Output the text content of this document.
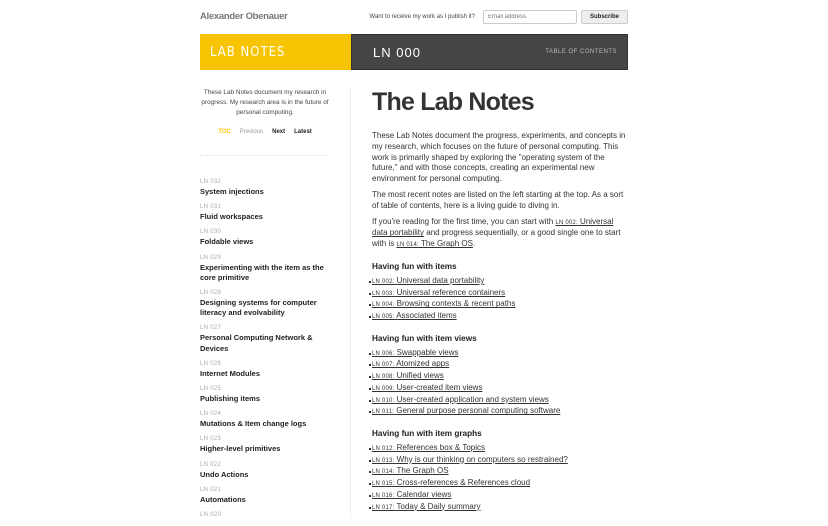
Alexander Obenauer	Want to receive my work as I publish it?
Email address	Subscribe
LAB NOTES	LN 000	TABLE OF CONTENTS
These Lab Notes document my research in progress. My research area is in the future of personal computing.
TOC Previous Next Latest
LN 032
System injections
LN 031
Fluid workspaces
LN 030
Foldable views
LN 029
Experimenting with the item as the core primitive
LN 028
Designing systems for computer literacy and evolvability
LN 027
Personal Computing Network & Devices
LN 026
Internet Modules
LN 025
Publishing items
LN 024
Mutations & Item change logs
LN 023
Higher-level primitives
LN 022
Undo Actions
LN 021
Automations
LN 020
The Lab Notes

These Lab Notes document the progress, experiments, and concepts in my research, which focuses on the future of personal computing. This work is primarily shaped by exploring the "operating system of the future," and with those concepts, creating an experimental new environment for personal computing.

The most recent notes are listed on the left starting at the top. As a sort of table of contents, here is a living guide to diving in.

If you're reading for the first time, you can start with LN 002: Universal data portability and progress sequentially, or a good single one to start with is LN 014: The Graph OS.

Having fun with items
LN 002: Universal data portability
LN 003: Universal reference containers
LN 004: Browsing contexts & recent paths
LN 005: Associated items
Having fun with item views
LN 006: Swappable views
LN 007: Atomized apps
LN 008: Unified views
LN 009: User-created item views
LN 010: User-created application and system views
LN 011: General purpose personal computing software
Having fun with item graphs
LN 012: References box & Topics
LN 013: Why is our thinking on computers so restrained?
LN 014: The Graph OS
LN 015: Cross-references & References cloud
LN 016: Calendar views
LN 017: Today & Daily summary
